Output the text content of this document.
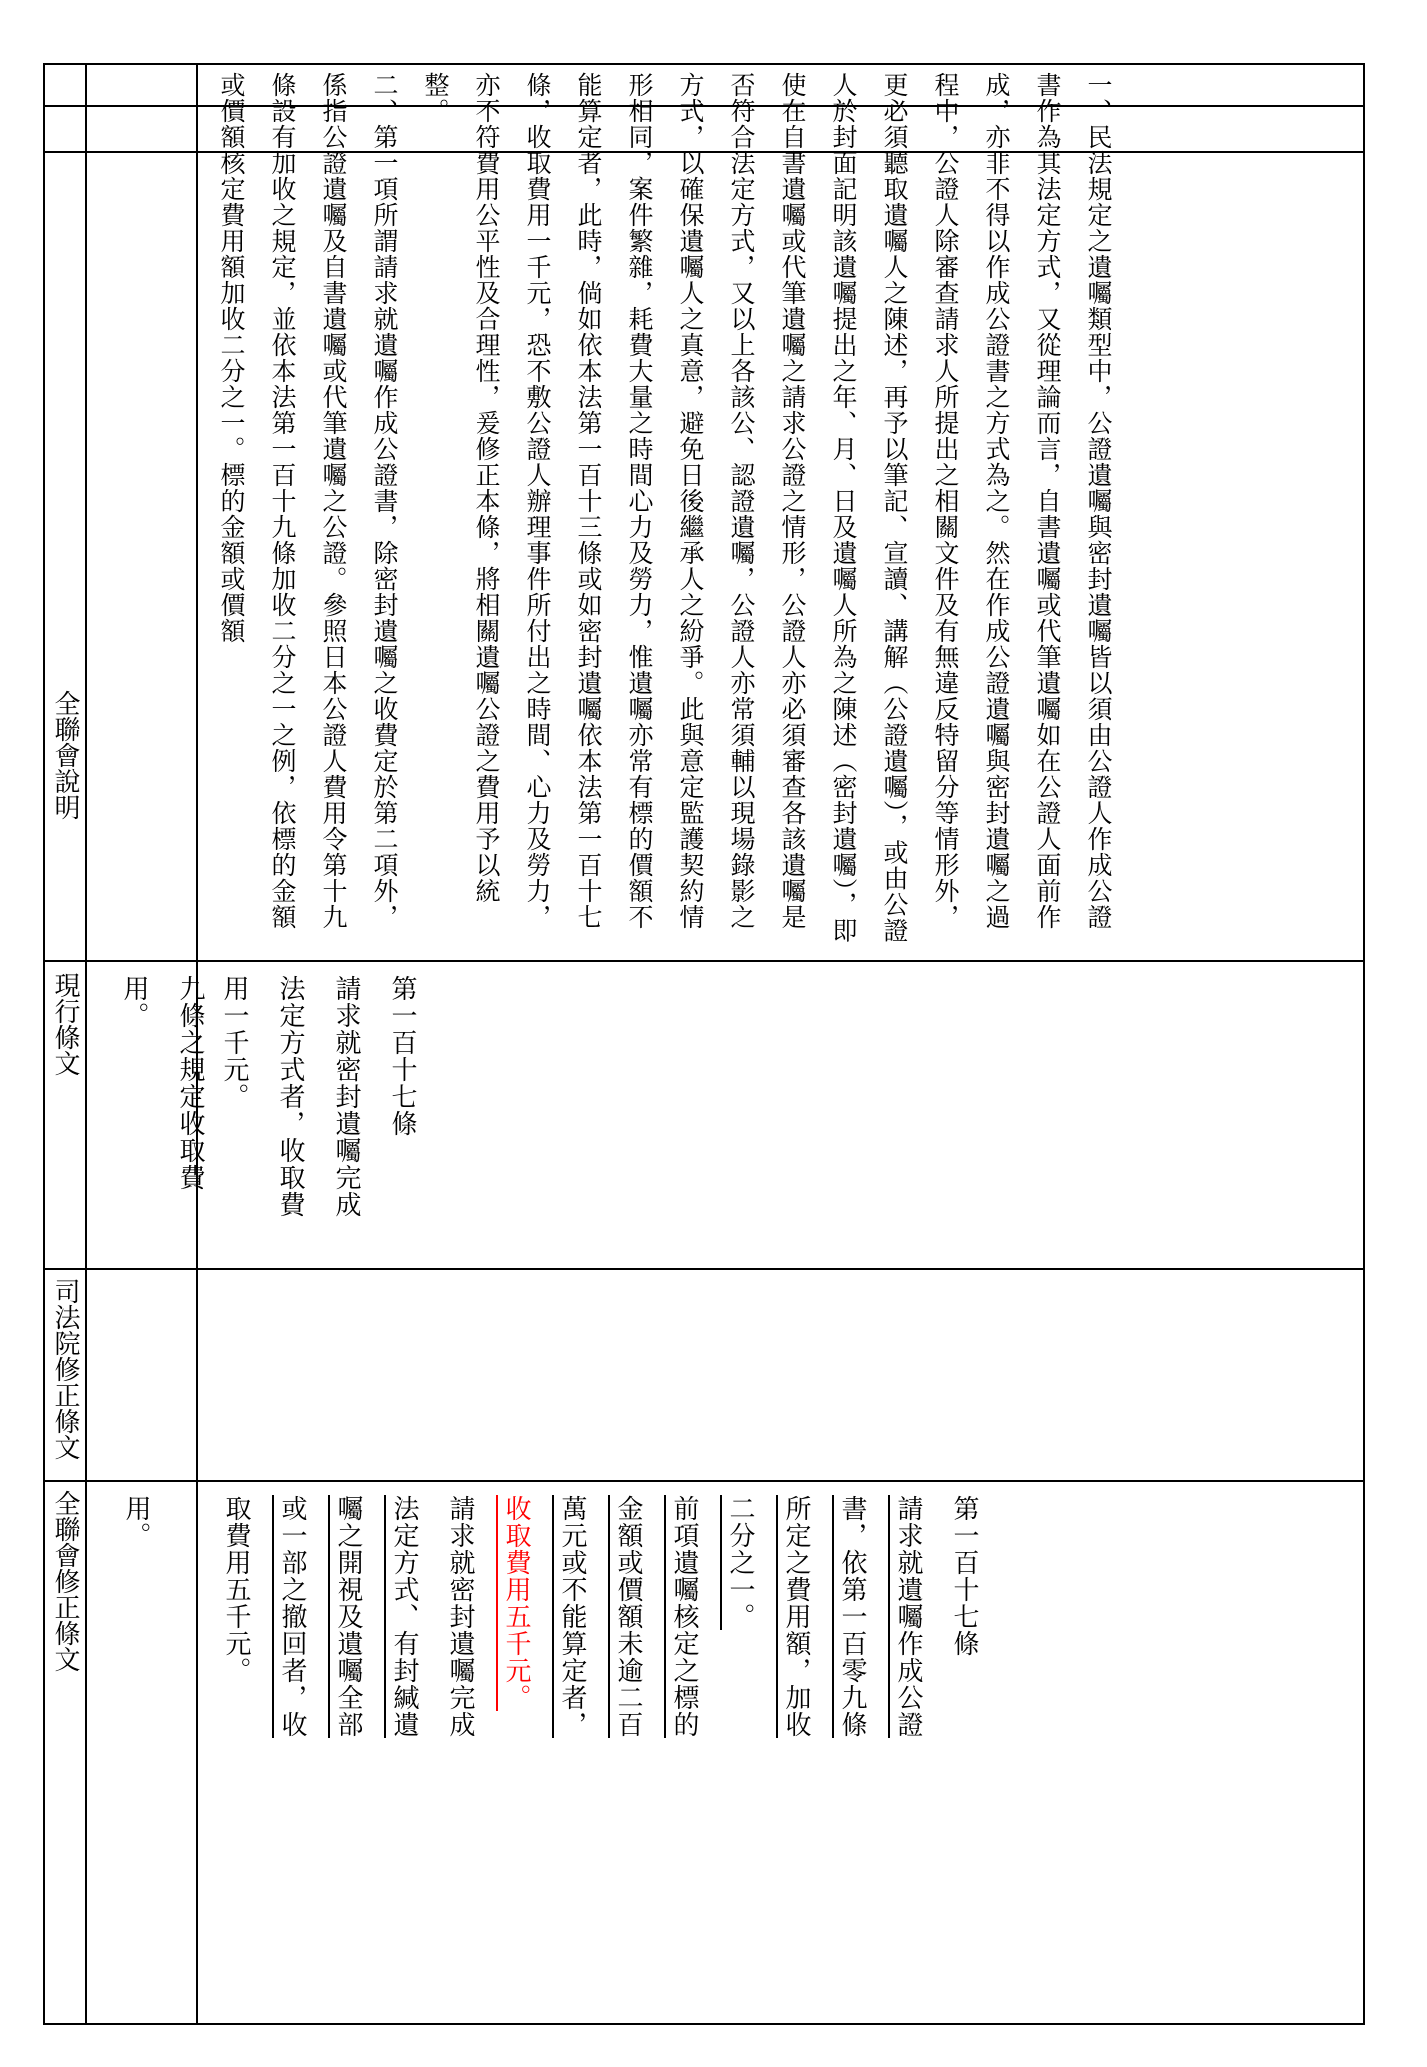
全聯會修正條文
司法院修正條文
現行條文
全聯會說明
用。
九條之規定收取費
用。
第一百十七條
請求就遺囑作成公證
書，依第一百零九條
所定之費用額，加收
二分之一。
前項遺囑核定之標的
金額或價額未逾二百
萬元或不能算定者，
收取費用五千元。
請求就密封遺囑完成
法定方式、有封緘遺
囑之開視及遺囑全部
或一部之撤回者，收
取費用五千元。
第一百十七條
請求就密封遺囑完成
法定方式者，收取費
用一千元。
一、民法規定之遺囑類型中，公證遺囑與密封遺囑皆以須由公證人作成公證書作為其法定方式，又從理論而言，自書遺囑或代筆遺囑如在公證人面前作成，亦非不得以作成公證書之方式為之。然在作成公證遺囑與密封遺囑之過程中，公證人除審查請求人所提出之相關文件及有無違反特留分等情形外，更必須聽取遺囑人之陳述，再予以筆記、宣讀、講解（公證遺囑），或由公證人於封面記明該遺囑提出之年、月、日及遺囑人所為之陳述（密封遺囑），即使在自書遺囑或代筆遺囑之請求公證之情形，公證人亦必須審查各該遺囑是否符合法定方式，又以上各該公、認證遺囑，公證人亦常須輔以現場錄影之方式，以確保遺囑人之真意，避免日後繼承人之紛爭。此與意定監護契約情形相同，案件繁雜，耗費大量之時間心力及勞力，惟遺囑亦常有標的價額不能算定者，此時，倘如依本法第一百十三條或如密封遺囑依本法第一百十七條，收取費用一千元，恐不敷公證人辦理事件所付出之時間、心力及勞力，亦不符費用公平性及合理性，爰修正本條，將相關遺囑公證之費用予以統整。
二、第一項所謂請求就遺囑作成公證書，除密封遺囑之收費定於第二項外，係指公證遺囑及自書遺囑或代筆遺囑之公證。參照日本公證人費用令第十九條設有加收之規定，並依本法第一百十九條加收二分之一之例，依標的金額或價額核定費用額加收二分之一。標的金額或價額
